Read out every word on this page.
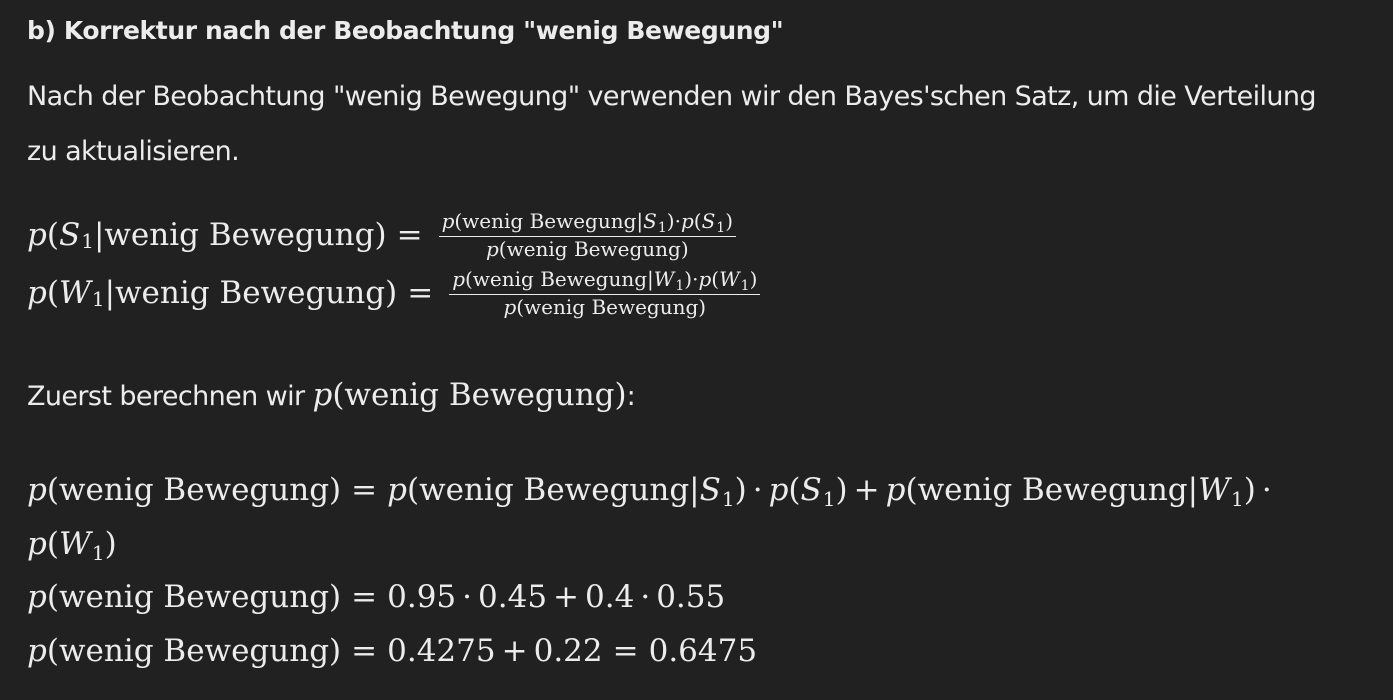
b) Korrektur nach der Beobachtung "wenig Bewegung"

Nach der Beobachtung "wenig Bewegung" verwenden wir den Bayes'schen Satz, um die Verteilung

zu aktualisieren.

p ( S 1 |wenig Bewegung) = $\frac{p(wenig Bewegung|S_1)\cdot p(S_1)}{\text{p(wenig Bewegung)}}$
p ( W 1 |wenig Bewegung) = $\frac{p(wenig Bewegung|W_1)\cdot p(W_1)}{\text{p(wenig Bewegung)}}$

Zuerst berechnen wir p(wenig Bewegung):

p(wenig Bewegung) = p(wenig Bewegung|S1) · p(S1) + p(wenig Bewegung|W1) ·
p(W1)
p(wenig Bewegung) = 0.95 · 0.45 + 0.4 · 0.55
p(wenig Bewegung) = 0.4275 + 0.22 = 0.6475
